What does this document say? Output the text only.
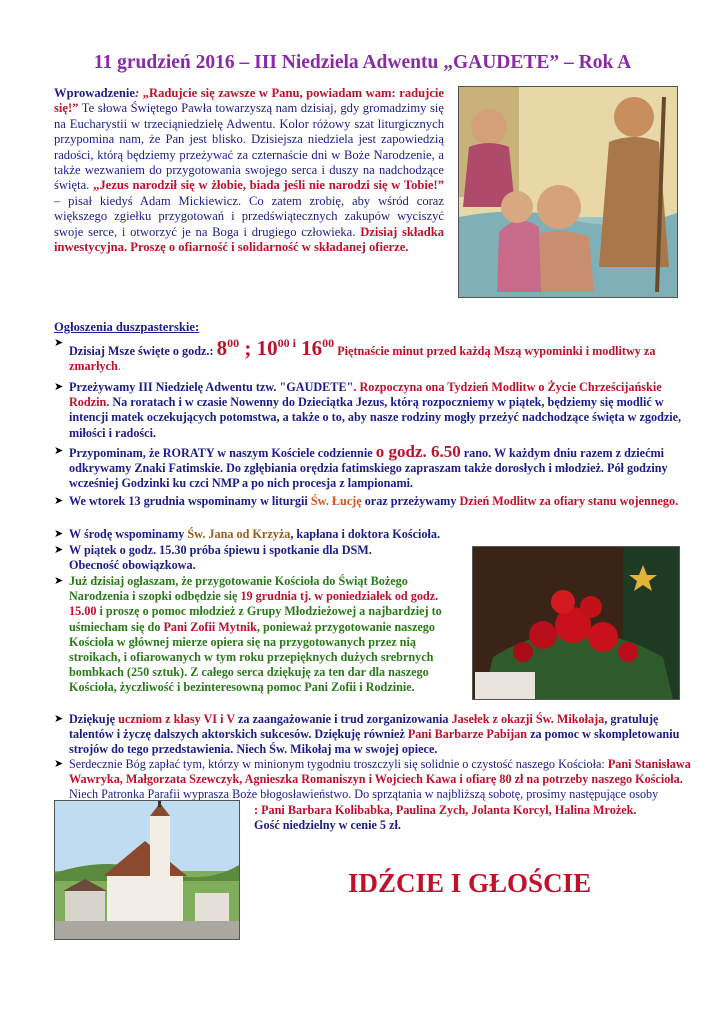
11 grudzień 2016 – III Niedziela Adwentu „GAUDETE” – Rok A
Wprowadzenie: „Radujcie się zawsze w Panu, powiadam wam: radujcie się!” Te słowa Świętego Pawła towarzyszą nam dzisiaj, gdy gromadzimy się na Eucharystii w trzeciąniedzielę Adwentu. Kolor różowy szat liturgicznych przypomina nam, że Pan jest blisko. Dzisiejsza niedziela jest zapowiedzią radości, którą będziemy przeżywać za czternaście dni w Boże Narodzenie, a także wezwaniem do przygotowania swojego serca i duszy na nadchodzące święta. „Jezus narodził się w żłobie, biada jeśli nie narodzi się w Tobie!” – pisał kiedyś Adam Mickiewicz. Co zatem zrobię, aby wśród coraz większego zgiełku przygotowań i przedświątecznych zakupów wyciszyć swoje serce, i otworzyć je na Boga i drugiego człowieka. Dzisiaj składka inwestycyjna. Proszę o ofiarność i solidarność w składanej ofierze.
Ogłoszenia duszpasterskie:
➤
Dzisiaj Msze święte o godz.: $8^{00}$ ; $10^{00 i}$ $16^{00}$ Piętnaście minut przed każdą Mszą wypominki i modlitwy za zmarłych.
➤ Przeżywamy III Niedzielę Adwentu tzw. "GAUDETE". Rozpoczyna ona Tydzień Modlitw o Życie Chrześcijańskie Rodzin. Na roratach i w czasie Nowenny do Dzieciątka Jezus, którą rozpoczniemy w piątek, będziemy się modlić w intencji matek oczekujących potomstwa, a także o to, aby nasze rodziny mogły przeżyć nadchodzące święta w zgodzie, miłości i radości.
➤ Przypominam, że RORATY w naszym Kościele codziennie o godz. 6.50 rano. W każdym dniu razem z dziećmi odkrywamy Znaki Fatimskie. Do zgłębiania orędzia fatimskiego zapraszam także dorosłych i młodzież. Pół godziny wcześniej Godzinki ku czci NMP a po nich procesja z lampionami.
➤ We wtorek 13 grudnia wspominamy w liturgii Św. Łucję oraz przeżywamy Dzień Modlitw za ofiary stanu wojennego.
➤ W środę wspominamy Św. Jana od Krzyża, kapłana i doktora Kościoła.
➤ W piątek o godz. 15.30 próba śpiewu i spotkanie dla DSM.
Obecność obowiązkowa.
➤ Już dzisiaj ogłaszam, że przygotowanie Kościoła do Świąt Bożego Narodzenia i szopki odbędzie się 19 grudnia tj. w poniedziałek od godz. 15.00 i proszę o pomoc młodzież z Grupy Młodzieżowej a najbardziej to uśmiecham się do Pani Zofii Mytnik, ponieważ przygotowanie naszego Kościoła w głównej mierze opiera się na przygotowanych przez nią stroikach, i ofiarowanych w tym roku przepięknych dużych srebrnych bombkach (250 sztuk). Z całego serca dziękuję za ten dar dla naszego Kościoła, życzliwość i bezinteresowną pomoc Pani Zofii i Rodzinie.
➤ Dziękuję uczniom z klasy VI i V za zaangażowanie i trud zorganizowania Jasełek z okazji Św. Mikołaja, gratuluję talentów i życzę dalszych aktorskich sukcesów. Dziękuję również Pani Barbarze Pabijan za pomoc w skompletowaniu strojów do tego przedstawienia. Niech Św. Mikołaj ma w swojej opiece.
➤ Serdecznie Bóg zapłać tym, którzy w minionym tygodniu troszczyli się solidnie o czystość naszego Kościoła: Pani Stanisława Wawryka, Małgorzata Szewczyk, Agnieszka Romaniszyn i Wojciech Kawa i ofiarę 80 zł na potrzeby naszego Kościoła. Niech Patronka Parafii wypraszа Boże błogosławieństwo. Do sprzątania w najbliższą sobotę, prosimy następujące osoby
: Pani Barbara Kolibabka, Paulina Zych, Jolanta Korcyl, Halina Mrożek.
Gość niedzielny w cenie 5 zł.
IDŹCIE I GŁOŚCIE
